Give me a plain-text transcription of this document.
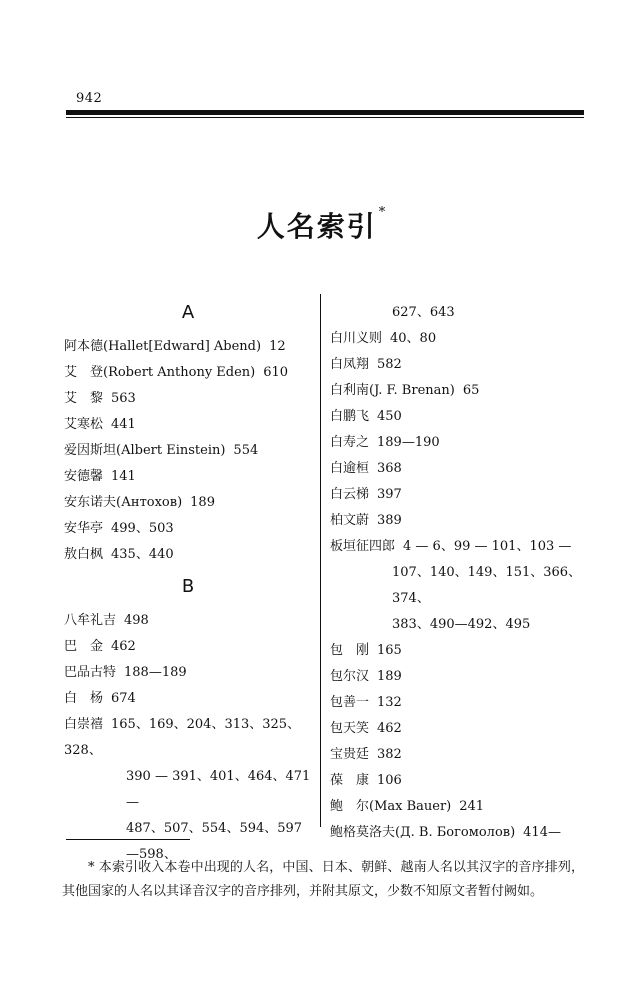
942
人名索引 *
A
阿本德(Hallet[Edward] Abend) 12
艾　登(Robert Anthony Eden) 610
艾　黎 563
艾寒松 441
爱因斯坦(Albert Einstein) 554
安德馨 141
安东诺夫(Антохов) 189
安华亭 499、503
敖白枫 435、440
B
八牟礼吉 498
巴　金 462
巴品古特 188—189
白　杨 674
白崇禧 165、169、204、313、325、328、
390 — 391、401、464、471 —
487、507、554、594、597—598、
627、643
白川义则 40、80
白凤翔 582
白利南(J. F. Brenan) 65
白鹏飞 450
白寿之 189—190
白逾桓 368
白云梯 397
柏文蔚 389
板垣征四郎 4 — 6、99 — 101、103 —
107、140、149、151、366、374、
383、490—492、495
包　刚 165
包尔汉 189
包善一 132
包天笑 462
宝贵廷 382
葆　康 106
鲍　尔(Max Bauer) 241
鲍格莫洛夫(Д. В. Богомолов) 414—
* 本索引收入本卷中出现的人名，中国、日本、朝鲜、越南人名以其汉字的音序排列，其他国家的人名以其译音汉字的音序排列，并附其原文，少数不知原文者暂付阙如。
